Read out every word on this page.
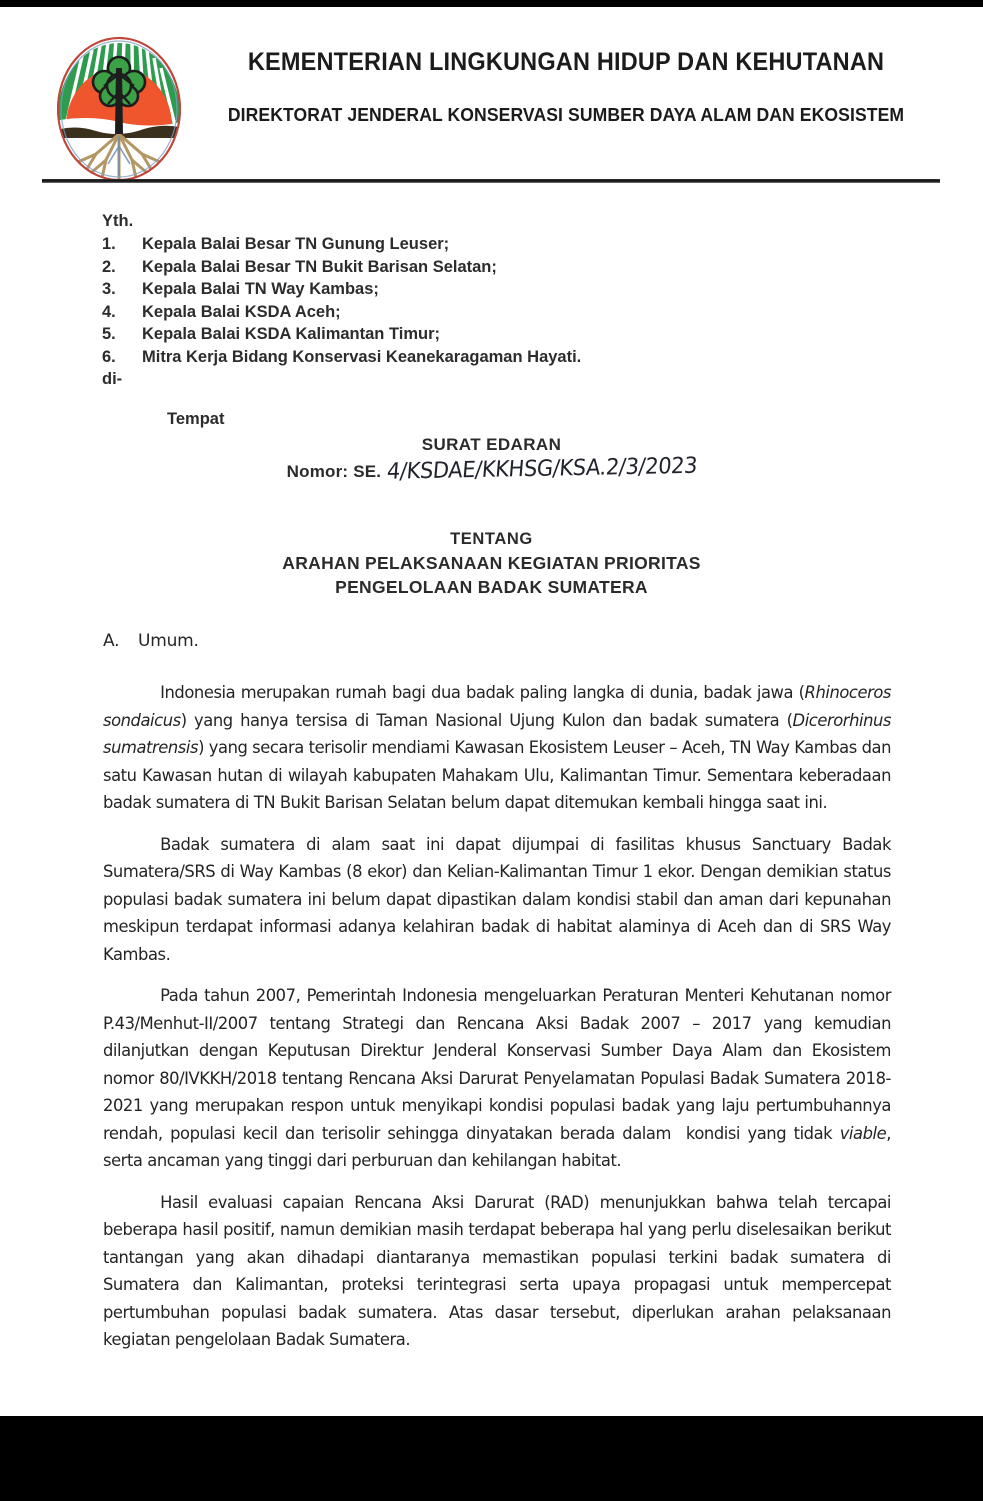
KEMENTERIAN LINGKUNGAN HIDUP DAN KEHUTANAN
DIREKTORAT JENDERAL KONSERVASI SUMBER DAYA ALAM DAN EKOSISTEM
Yth.
1.	Kepala Balai Besar TN Gunung Leuser;
2.	Kepala Balai Besar TN Bukit Barisan Selatan;
3.	Kepala Balai TN Way Kambas;
4.	Kepala Balai KSDA Aceh;
5.	Kepala Balai KSDA Kalimantan Timur;
6.	Mitra Kerja Bidang Konservasi Keanekaragaman Hayati.
di-
Tempat
SURAT EDARAN
Nomor: SE. 4/KSDAE/KKHSG/KSA.2/3/2023
TENTANG
ARAHAN PELAKSANAAN KEGIATAN PRIORITAS
PENGELOLAAN BADAK SUMATERA
A.	Umum.

Indonesia merupakan rumah bagi dua badak paling langka di dunia, badak jawa (Rhinoceros sondaicus) yang hanya tersisa di Taman Nasional Ujung Kulon dan badak sumatera (Dicerorhinus sumatrensis) yang secara terisolir mendiami Kawasan Ekosistem Leuser – Aceh, TN Way Kambas dan satu Kawasan hutan di wilayah kabupaten Mahakam Ulu, Kalimantan Timur. Sementara keberadaan badak sumatera di TN Bukit Barisan Selatan belum dapat ditemukan kembali hingga saat ini.

Badak sumatera di alam saat ini dapat dijumpai di fasilitas khusus Sanctuary Badak Sumatera/SRS di Way Kambas (8 ekor) dan Kelian-Kalimantan Timur 1 ekor. Dengan demikian status populasi badak sumatera ini belum dapat dipastikan dalam kondisi stabil dan aman dari kepunahan meskipun terdapat informasi adanya kelahiran badak di habitat alaminya di Aceh dan di SRS Way Kambas.

Pada tahun 2007, Pemerintah Indonesia mengeluarkan Peraturan Menteri Kehutanan nomor P.43/Menhut-II/2007 tentang Strategi dan Rencana Aksi Badak 2007 – 2017 yang kemudian dilanjutkan dengan Keputusan Direktur Jenderal Konservasi Sumber Daya Alam dan Ekosistem nomor 80/IVKKH/2018 tentang Rencana Aksi Darurat Penyelamatan Populasi Badak Sumatera 2018-2021 yang merupakan respon untuk menyikapi kondisi populasi badak yang laju pertumbuhannya rendah, populasi kecil dan terisolir sehingga dinyatakan berada dalam  kondisi yang tidak viable, serta ancaman yang tinggi dari perburuan dan kehilangan habitat.

Hasil evaluasi capaian Rencana Aksi Darurat (RAD) menunjukkan bahwa telah tercapai beberapa hasil positif, namun demikian masih terdapat beberapa hal yang perlu diselesaikan berikut tantangan yang akan dihadapi diantaranya memastikan populasi terkini badak sumatera di Sumatera dan Kalimantan, proteksi terintegrasi serta upaya propagasi untuk mempercepat pertumbuhan populasi badak sumatera. Atas dasar tersebut, diperlukan arahan pelaksanaan kegiatan pengelolaan Badak Sumatera.
